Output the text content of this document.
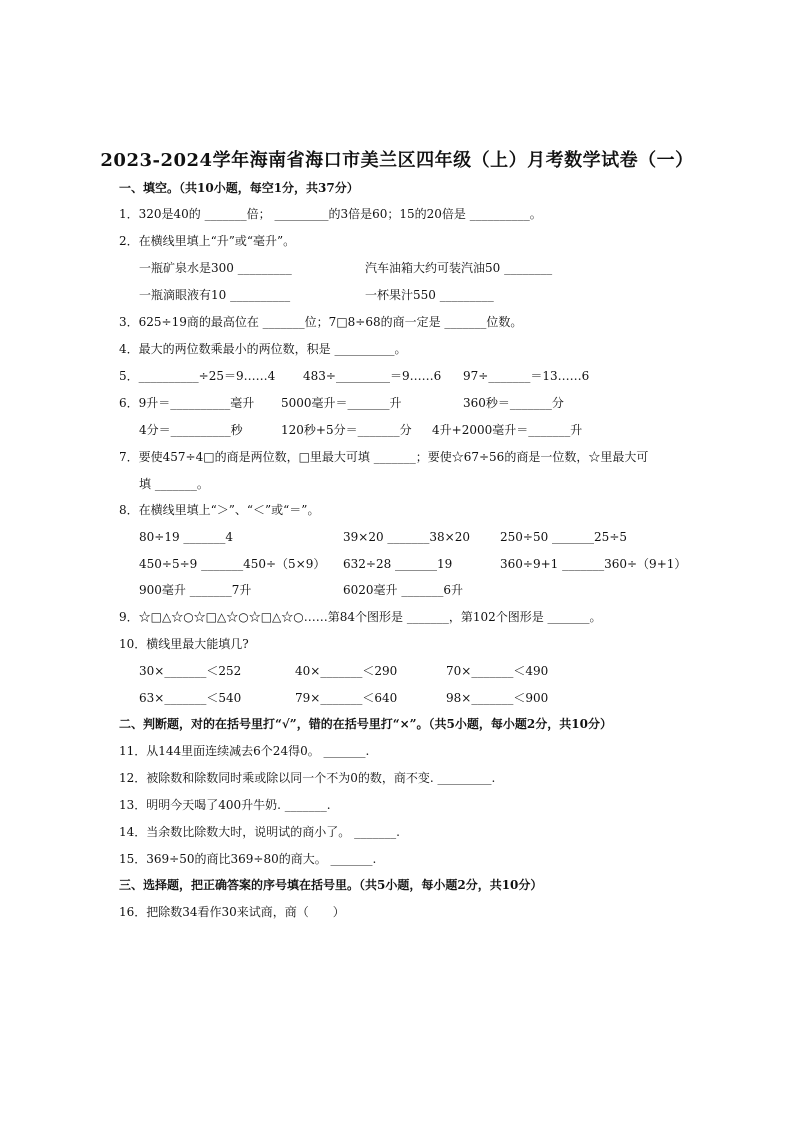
2023-2024学年海南省海口市美兰区四年级（上）月考数学试卷（一）
一、填空。（共10小题，每空1分，共37分）
1．320是40的 _______倍； _________的3倍是60；15的20倍是 __________。
2．在横线里填上“升”或“毫升”。
一瓶矿泉水是300 _________	汽车油箱大约可装汽油50 ________
一瓶滴眼液有10 __________	一杯果汁550 _________
3．625÷19商的最高位在 _______位；7□8÷68的商一定是 _______位数。
4．最大的两位数乘最小的两位数，积是 __________。
5．__________÷25＝9……4 483÷_________＝9……6 97÷_______＝13……6
6．9升＝__________毫升 5000毫升＝_______升	360秒＝_______分
4分＝__________秒	120秒+5分＝_______分 4升+2000毫升＝_______升
7．要使457÷4□的商是两位数，□里最大可填 _______；要使☆67÷56的商是一位数，☆里最大可
填 _______。
8．在横线里填上“＞”、“＜”或“＝”。
80÷19 _______4	39×20 _______38×20 250÷50 _______25÷5
450÷5÷9 _______450÷（5×9） 632÷28 _______19	360÷9+1 _______360÷（9+1）
900毫升 _______7升	6020毫升 _______6升
9．☆□△☆○☆□△☆○☆□△☆○……第84个图形是 _______，第102个图形是 _______。
10．横线里最大能填几?
30×_______＜252	40×_______＜290	70×_______＜490
63×_______＜540	79×_______＜640	98×_______＜900
二、判断题，对的在括号里打“√”，错的在括号里打“×”。（共5小题，每小题2分，共10分）
11．从144里面连续减去6个24得0。 _______.
12．被除数和除数同时乘或除以同一个不为0的数，商不变. _________.
13．明明今天喝了400升牛奶. _______.
14．当余数比除数大时，说明试的商小了。 _______.
15．369÷50的商比369÷80的商大。 _______.
三、选择题，把正确答案的序号填在括号里。（共5小题，每小题2分，共10分）
16．把除数34看作30来试商，商（　　）
